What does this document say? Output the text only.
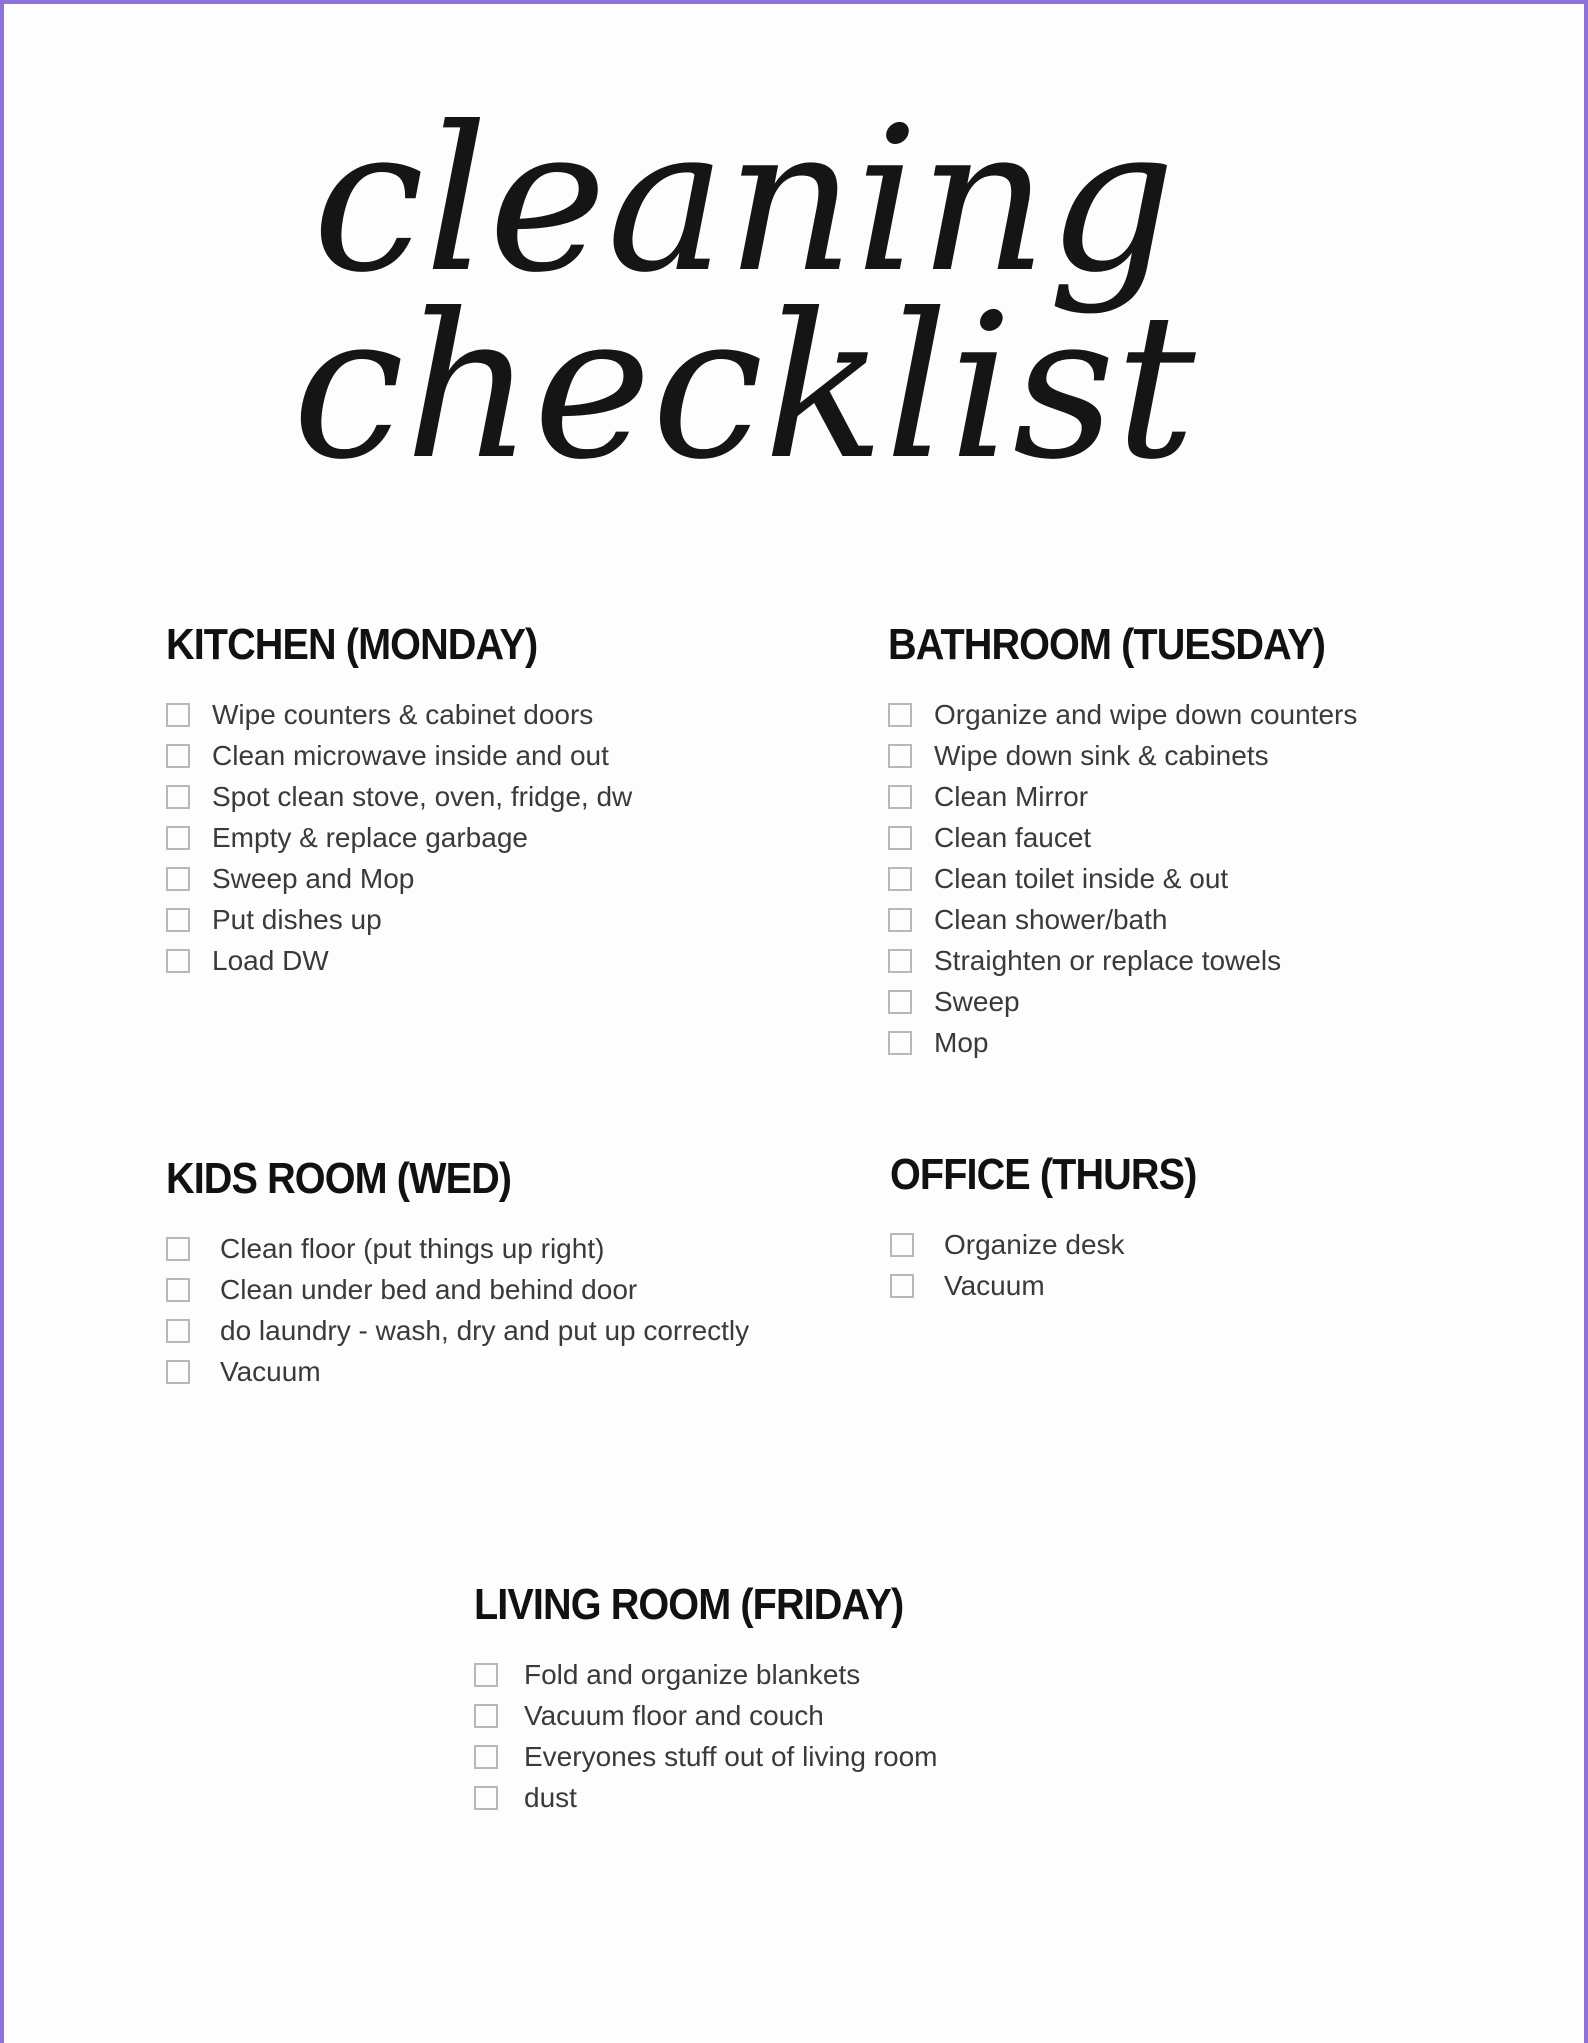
cleaning
checklist
KITCHEN (MONDAY)
Wipe counters & cabinet doors
Clean microwave inside and out
Spot clean stove, oven, fridge, dw
Empty & replace garbage
Sweep and Mop
Put dishes up
Load DW
BATHROOM (TUESDAY)
Organize and wipe down counters
Wipe down sink & cabinets
Clean Mirror
Clean faucet
Clean toilet inside & out
Clean shower/bath
Straighten or replace towels
Sweep
Mop
KIDS ROOM (WED)
Clean floor (put things up right)
Clean under bed and behind door
do laundry - wash, dry and put up correctly
Vacuum
OFFICE (THURS)
Organize desk
Vacuum
LIVING ROOM (FRIDAY)
Fold and organize blankets
Vacuum floor and couch
Everyones stuff out of living room
dust
